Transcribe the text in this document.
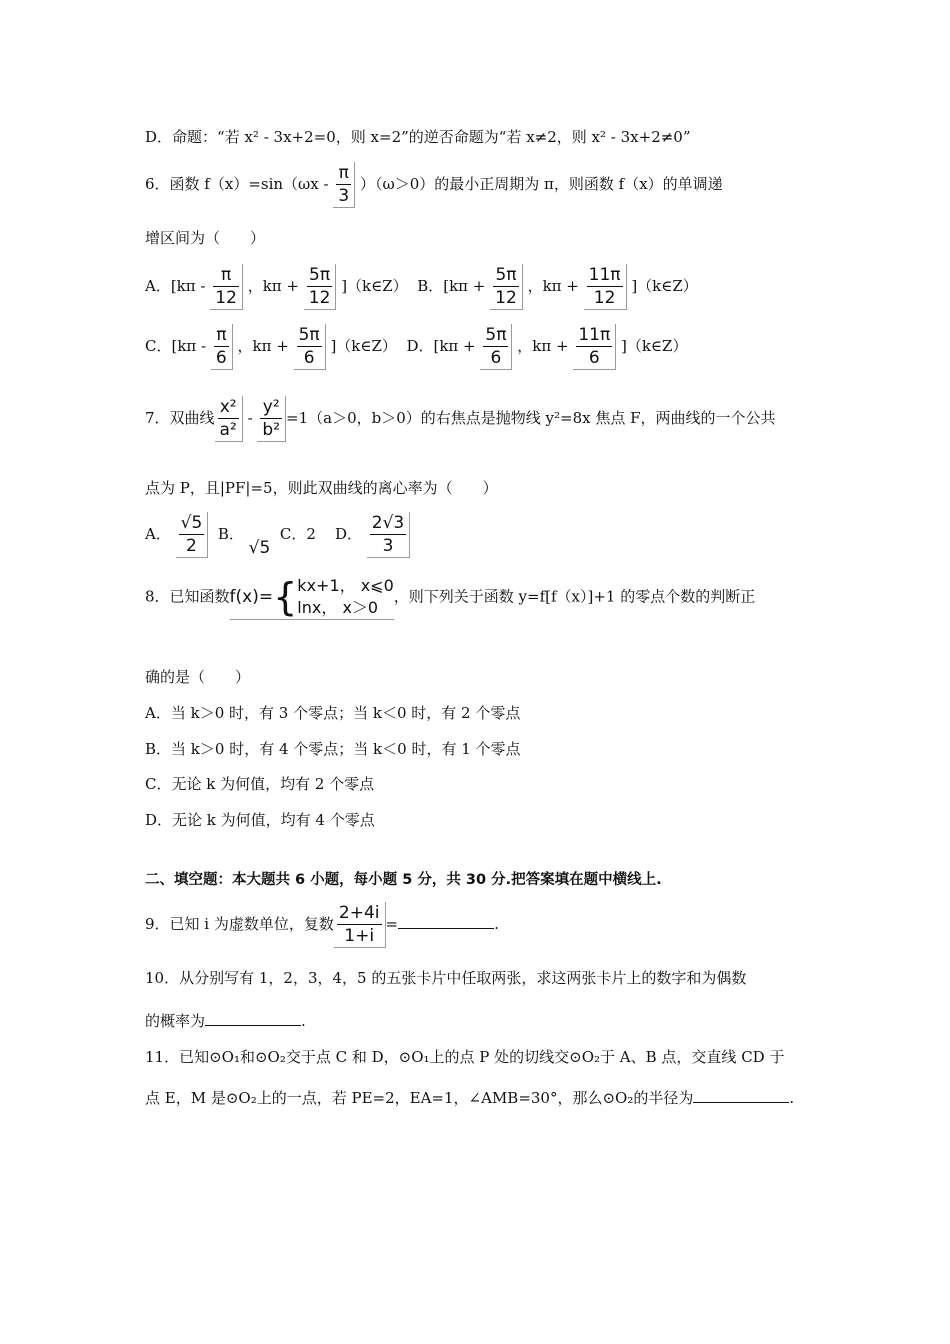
D．命题：“若 x² - 3x+2=0，则 x=2”的逆否命题为“若 x≠2，则 x² - 3x+2≠0”
6．函数 $f(x)=\sin(\omega x - \frac{\pi}{3} )(\omega>0)$的最小正周期为 π，则函数 f（x）的单调递
增区间为（　　）
A．[$k\pi - \frac{\pi}{12}$ ，$k\pi + \frac{5\pi}{12}$ ]（k∈Z） B．[$k\pi + \frac{5\pi}{12}$ ，$k\pi + \frac{11\pi}{12}$ ]（k∈Z）
C．[$k\pi - \frac{\pi}{6}$ ，$k\pi + \frac{5\pi}{6}$ ]（k∈Z） D．[$k\pi + \frac{5\pi}{6}$ ，$k\pi + \frac{11\pi}{6}$ ]（k∈Z）
7．双曲线 $\frac{\text{x²}}{\text{a²}} - \frac{\text{y²}}{\text{b²}} =1(a>0$，b＞0）的右焦点是抛物线 y²=8x 焦点 F，两曲线的一个公共
点为 P，且|PF|=5，则此双曲线的离心率为（　　）
A． $\frac{√5}{2}$ B． √5  C．2 D． $\frac{2√3}{3}$
8．已知函数f(x)={ kx+1， x⩽0
lnx， x＞0
，则下列关于函数 y=f[f（x）]+1 的零点个数的判断正
确的是（　　）
A．当 k＞0 时，有 3 个零点；当 k＜0 时，有 2 个零点
B．当 k＞0 时，有 4 个零点；当 k＜0 时，有 1 个零点
C．无论 k 为何值，均有 2 个零点
D．无论 k 为何值，均有 4 个零点
二、填空题：本大题共 6 小题，每小题 5 分，共 30 分.把答案填在题中横线上.
9．已知 i 为虚数单位，复数 $\frac{2+4i}{1+i}$ =	.
10．从分别写有 1，2，3，4，5 的五张卡片中任取两张，求这两张卡片上的数字和为偶数
的概率为	.
11．已知⊙O₁和⊙O₂交于点 C 和 D，⊙O₁上的点 P 处的切线交⊙O₂于 A、B 点，交直线 CD 于
点 E，M 是⊙O₂上的一点，若 PE=2，EA=1，∠AMB=30°，那么⊙O₂的半径为	.
